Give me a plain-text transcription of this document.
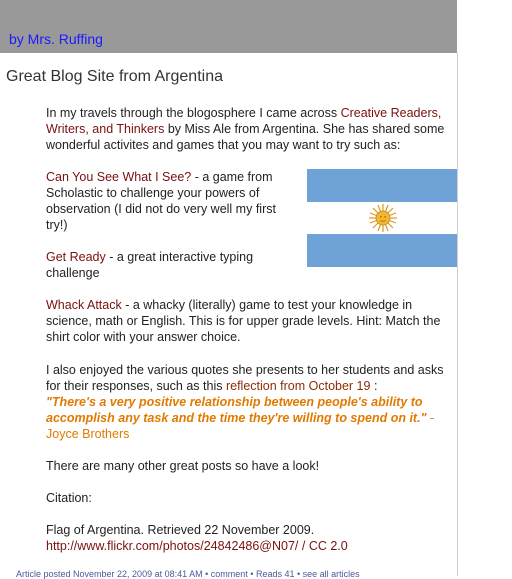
by Mrs. Ruffing
Great Blog Site from Argentina

In my travels through the blogosphere I came across Creative Readers, Writers, and Thinkers by Miss Ale from Argentina. She has shared some wonderful activites and games that you may want to try such as:

Can You See What I See? - a game from Scholastic to challenge your powers of observation (I did not do very well my first try!)

Get Ready - a great interactive typing challenge

Whack Attack - a whacky (literally) game to test your knowledge in science, math or English. This is for upper grade levels. Hint: Match the shirt color with your answer choice.

I also enjoyed the various quotes she presents to her students and asks for their responses, such as this reflection from October 19 :
"There's a very positive relationship between people's ability to accomplish any task and the time they're willing to spend on it." - Joyce Brothers

There are many other great posts so have a look!

Citation:

Flag of Argentina. Retrieved 22 November 2009.
http://www.flickr.com/photos/24842486@N07/ / CC 2.0

Article posted November 22, 2009 at 08:41 AM • comment • Reads 41 • see all articles
